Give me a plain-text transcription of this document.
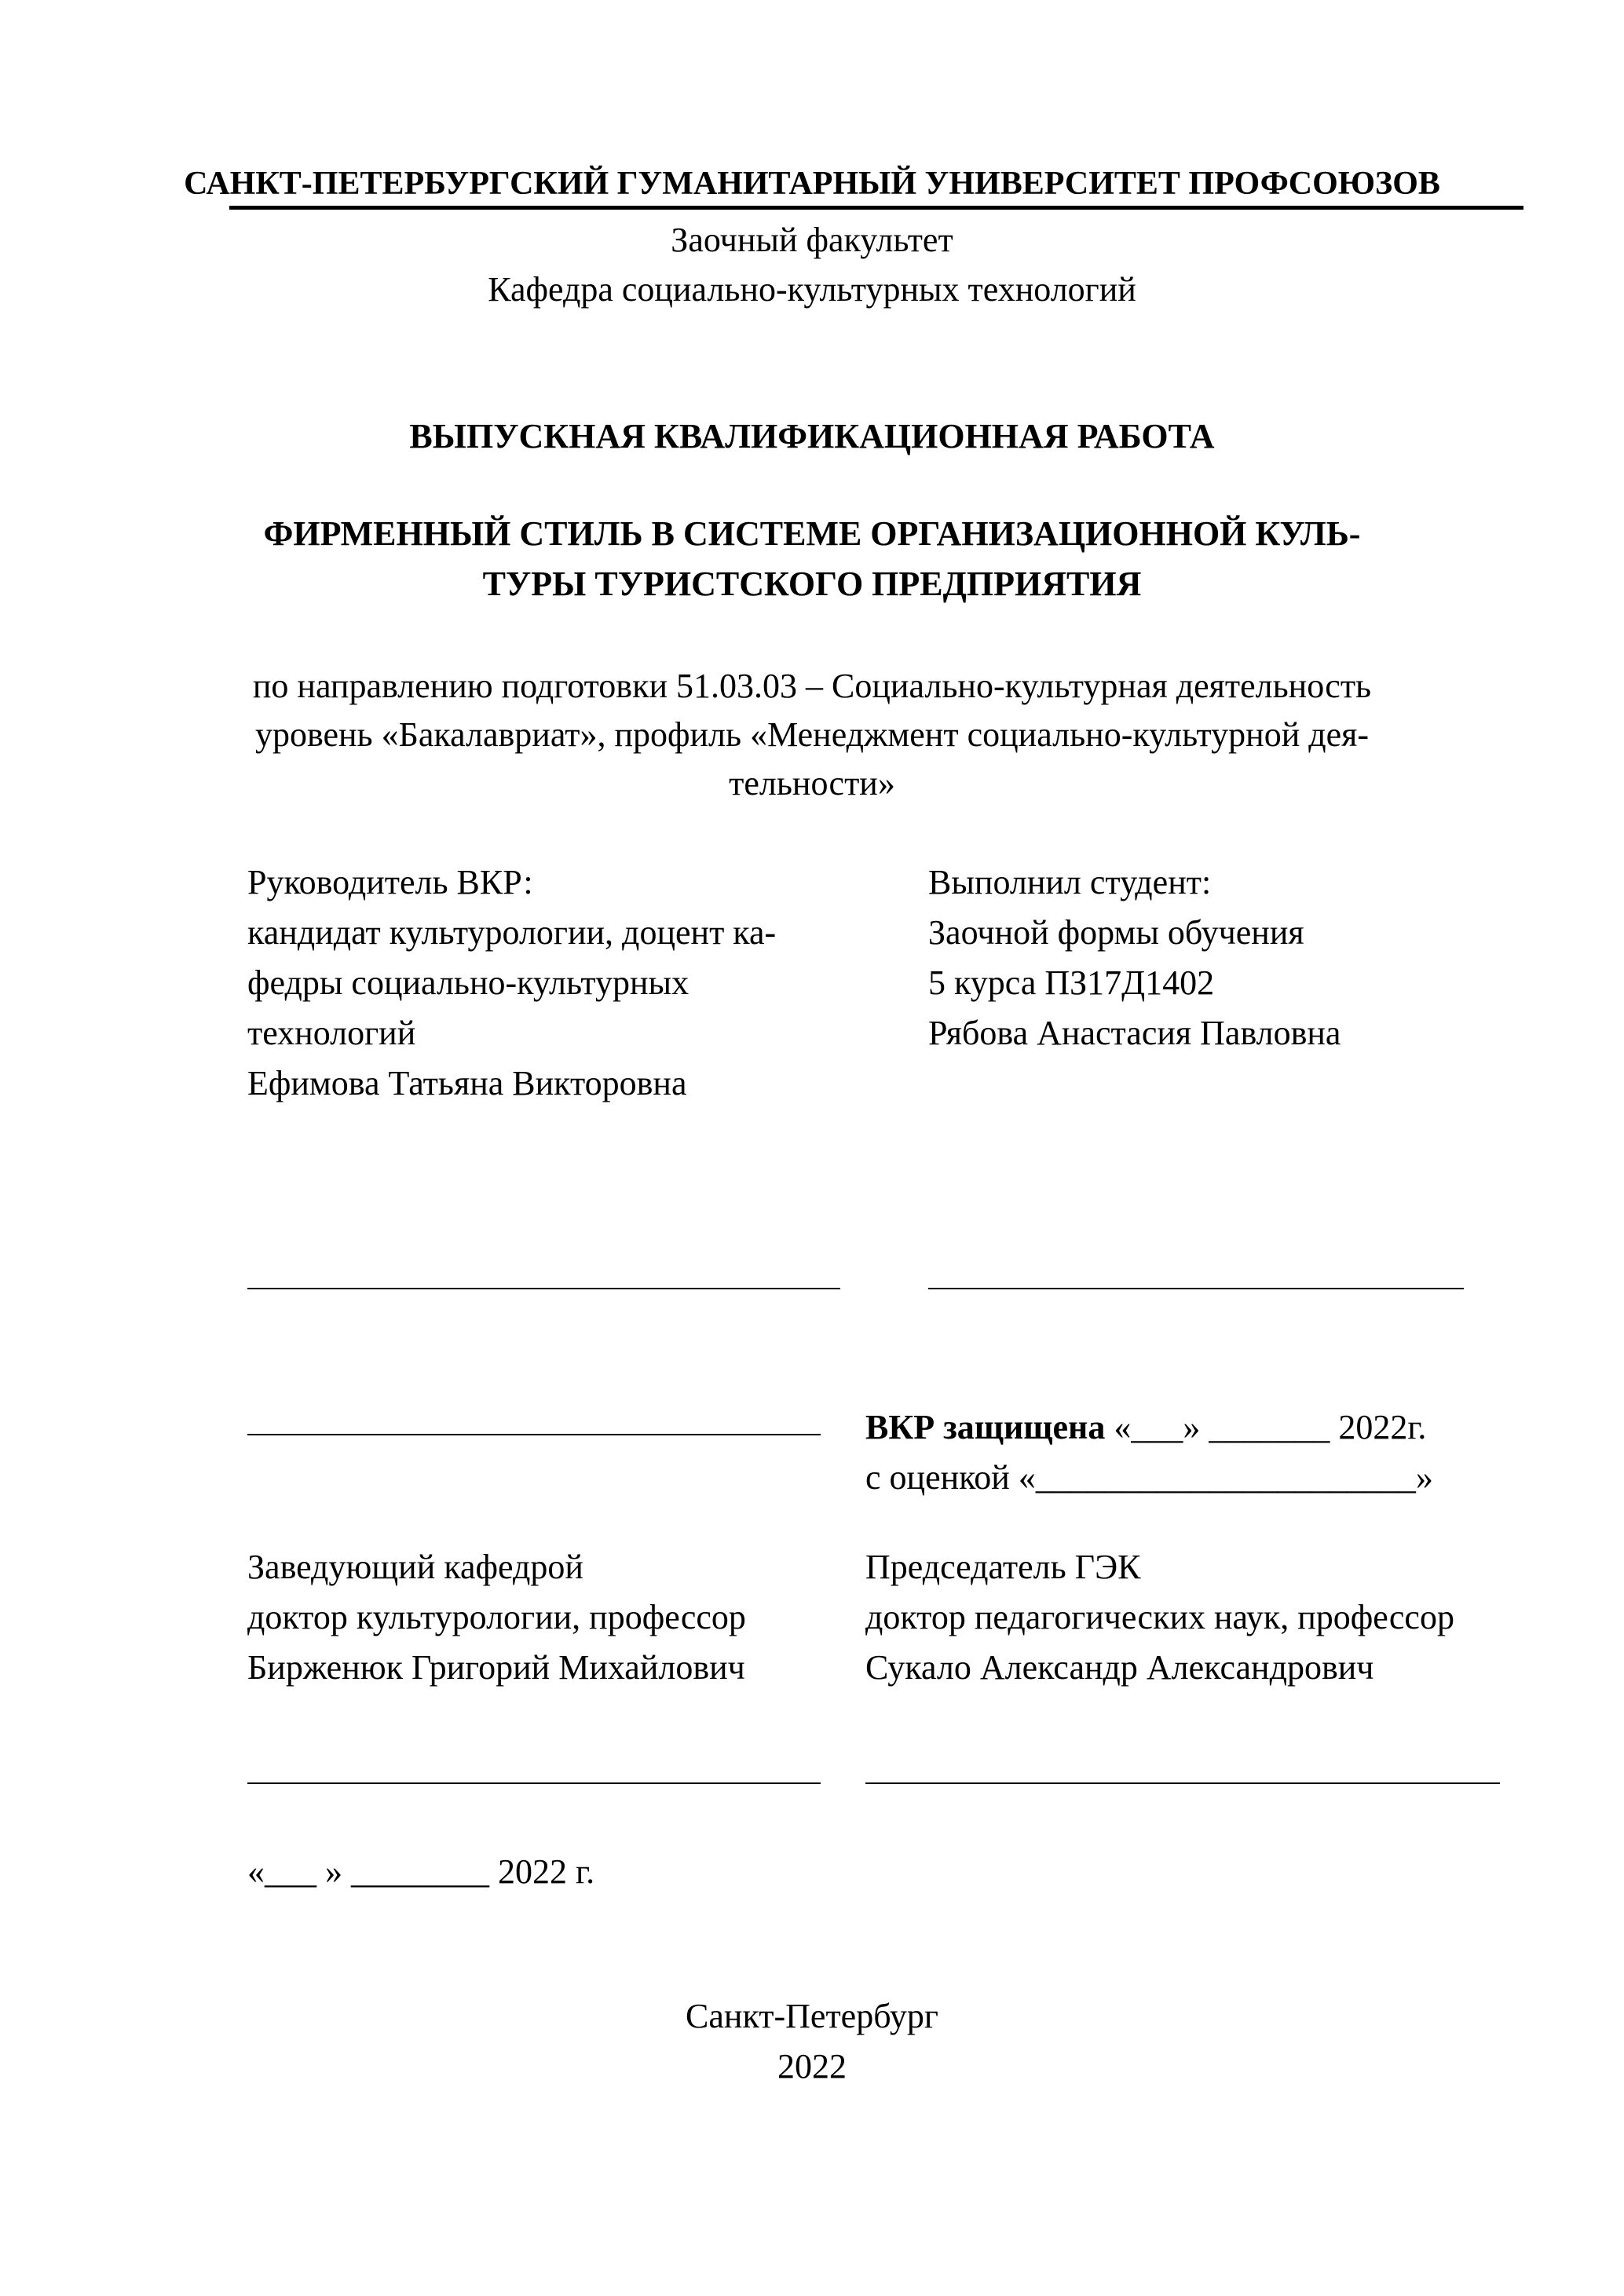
САНКТ-ПЕТЕРБУРГСКИЙ ГУМАНИТАРНЫЙ УНИВЕРСИТЕТ ПРОФСОЮЗОВ
Заочный факультет
Кафедра социально-культурных технологий
ВЫПУСКНАЯ КВАЛИФИКАЦИОННАЯ РАБОТА
ФИРМЕННЫЙ СТИЛЬ В СИСТЕМЕ ОРГАНИЗАЦИОННОЙ КУЛЬ-
ТУРЫ ТУРИСТСКОГО ПРЕДПРИЯТИЯ
по направлению подготовки 51.03.03 – Социально-культурная деятельность
уровень «Бакалавриат», профиль «Менеджмент социально-культурной дея-
тельности»
Руководитель ВКР:
кандидат культурологии, доцент ка-
федры социально-культурных
технологий
Ефимова Татьяна Викторовна
Выполнил студент:
Заочной формы обучения
5 курса ПЗ17Д1402
Рябова Анастасия Павловна
ВКР защищена «___» _______ 2022г.
с оценкой «______________________»
Заведующий кафедрой
доктор культурологии, профессор
Бирженюк Григорий Михайлович
Председатель ГЭК
доктор педагогических наук, профессор
Сукало Александр Александрович
«___ » ________ 2022 г.
Санкт-Петербург
2022
